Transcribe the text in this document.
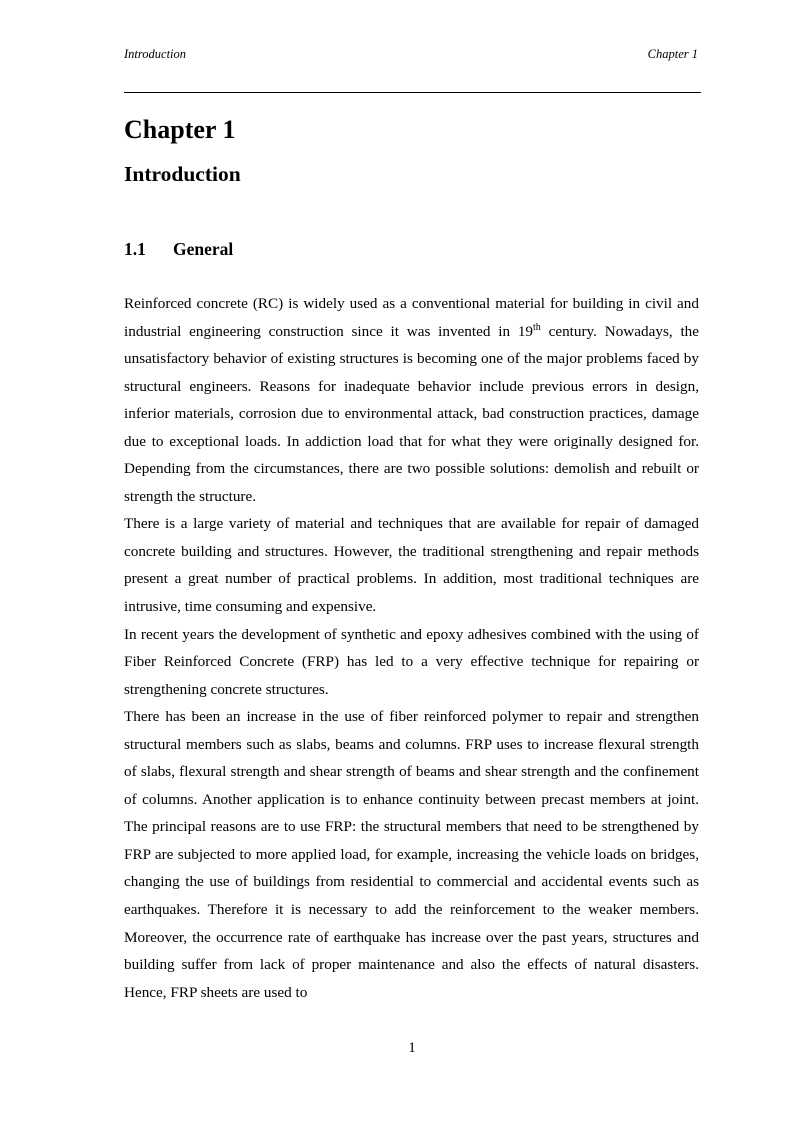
Introduction	Chapter 1
Chapter 1
Introduction
1.1 General

Reinforced concrete (RC) is widely used as a conventional material for building in civil and industrial engineering construction since it was invented in 19th century. Nowadays, the unsatisfactory behavior of existing structures is becoming one of the major problems faced by structural engineers. Reasons for inadequate behavior include previous errors in design, inferior materials, corrosion due to environmental attack, bad construction practices, damage due to exceptional loads. In addiction load that for what they were originally designed for. Depending from the circumstances, there are two possible solutions: demolish and rebuilt or strength the structure.

There is a large variety of material and techniques that are available for repair of damaged concrete building and structures. However, the traditional strengthening and repair methods present a great number of practical problems. In addition, most traditional techniques are intrusive, time consuming and expensive.

In recent years the development of synthetic and epoxy adhesives combined with the using of Fiber Reinforced Concrete (FRP) has led to a very effective technique for repairing or strengthening concrete structures.

There has been an increase in the use of fiber reinforced polymer to repair and strengthen structural members such as slabs, beams and columns. FRP uses to increase flexural strength of slabs, flexural strength and shear strength of beams and shear strength and the confinement of columns. Another application is to enhance continuity between precast members at joint. The principal reasons are to use FRP: the structural members that need to be strengthened by FRP are subjected to more applied load, for example, increasing the vehicle loads on bridges, changing the use of buildings from residential to commercial and accidental events such as earthquakes. Therefore it is necessary to add the reinforcement to the weaker members. Moreover, the occurrence rate of earthquake has increase over the past years, structures and building suffer from lack of proper maintenance and also the effects of natural disasters. Hence, FRP sheets are used to

1
